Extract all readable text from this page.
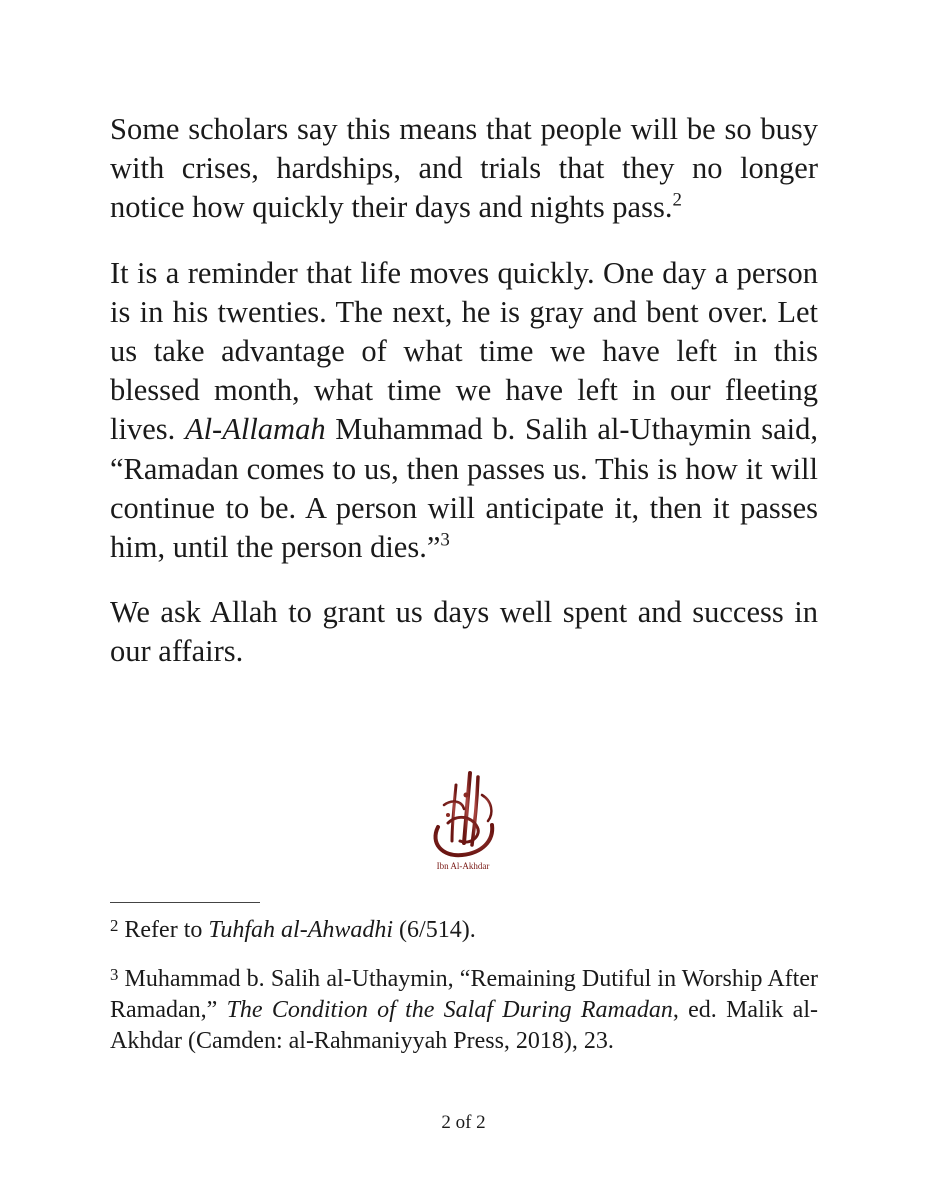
Some scholars say this means that people will be so busy with crises, hardships, and trials that they no longer notice how quickly their days and nights pass.$^2$

It is a reminder that life moves quickly. One day a person is in his twenties. The next, he is gray and bent over. Let us take advantage of what time we have left in this blessed month, what time we have left in our fleeting lives. Al-Allamah Muhammad b. Salih al-Uthaymin said, “Ramadan comes to us, then passes us. This is how it will continue to be. A person will anticipate it, then it passes him, until the person dies.”$^3$

We ask Allah to grant us days well spent and success in our affairs.

Ibn Al-Akhdar

$^2$ Refer to Tuhfah al-Ahwadhi (6/514).

$^3$ Muhammad b. Salih al-Uthaymin, “Remaining Dutiful in Worship After Ramadan,” The Condition of the Salaf During Ramadan, ed. Malik al-Akhdar (Camden: al-Rahmaniyyah Press, 2018), 23.

2 of 2
